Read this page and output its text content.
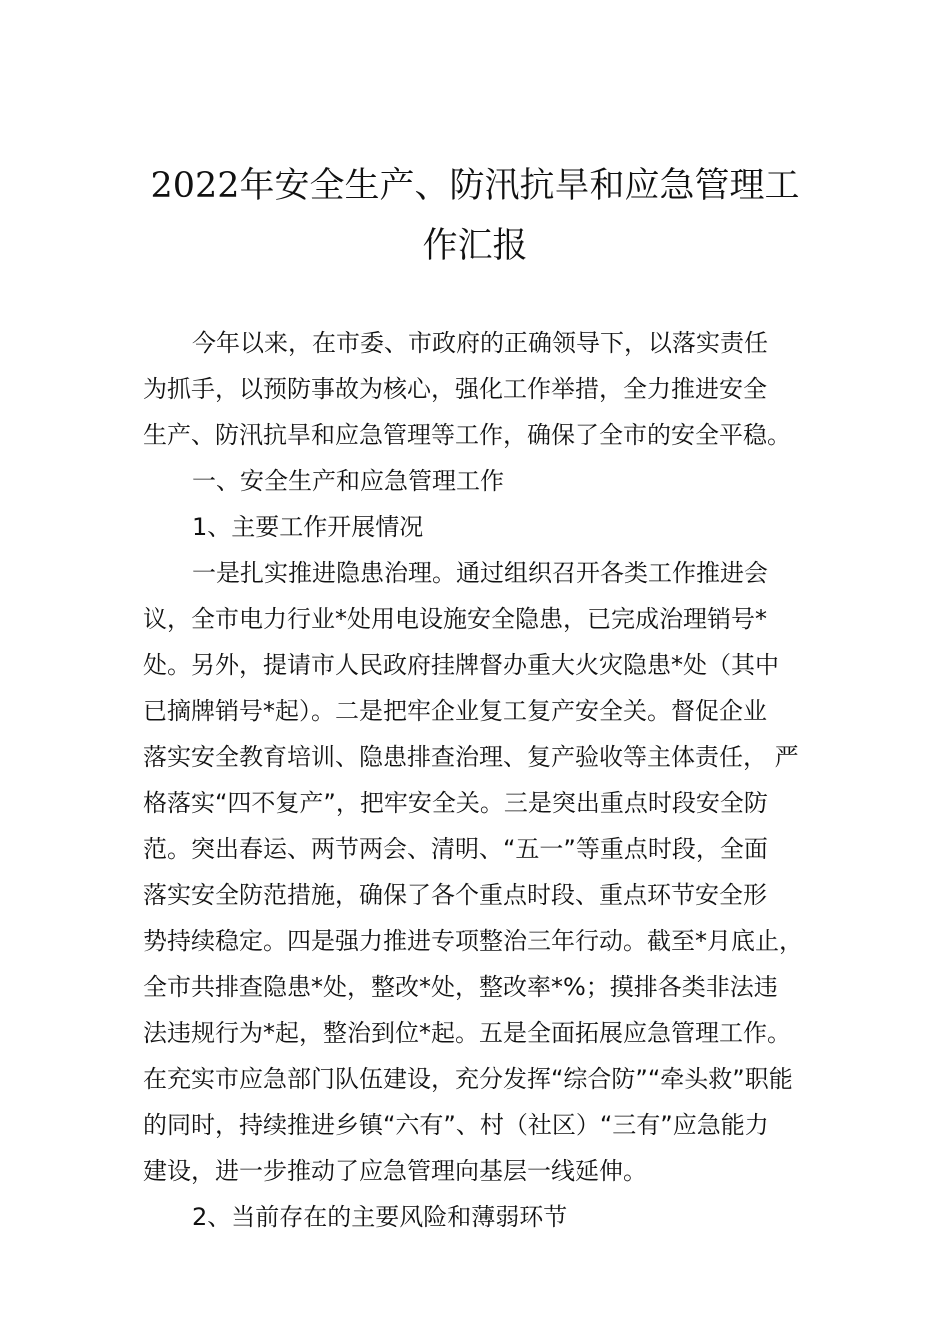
2022年安全生产、防汛抗旱和应急管理工
作汇报
今年以来，在市委、市政府的正确领导下，以落实责任
为抓手，以预防事故为核心，强化工作举措，全力推进安全
生产、防汛抗旱和应急管理等工作，确保了全市的安全平稳。
一、安全生产和应急管理工作
1、主要工作开展情况
一是扎实推进隐患治理。通过组织召开各类工作推进会
议，全市电力行业*处用电设施安全隐患，已完成治理销号*
处。另外，提请市人民政府挂牌督办重大火灾隐患*处（其中
已摘牌销号*起）。二是把牢企业复工复产安全关。督促企业
落实安全教育培训、隐患排查治理、复产验收等主体责任， 严
格落实“四不复产”，把牢安全关。三是突出重点时段安全防
范。突出春运、两节两会、清明、“五一”等重点时段，全面
落实安全防范措施，确保了各个重点时段、重点环节安全形
势持续稳定。四是强力推进专项整治三年行动。截至*月底止，
全市共排查隐患*处，整改*处，整改率*%；摸排各类非法违
法违规行为*起，整治到位*起。五是全面拓展应急管理工作。
在充实市应急部门队伍建设，充分发挥“综合防”“牵头救”职能
的同时，持续推进乡镇“六有”、村（社区）“三有”应急能力
建设，进一步推动了应急管理向基层一线延伸。
2、当前存在的主要风险和薄弱环节
